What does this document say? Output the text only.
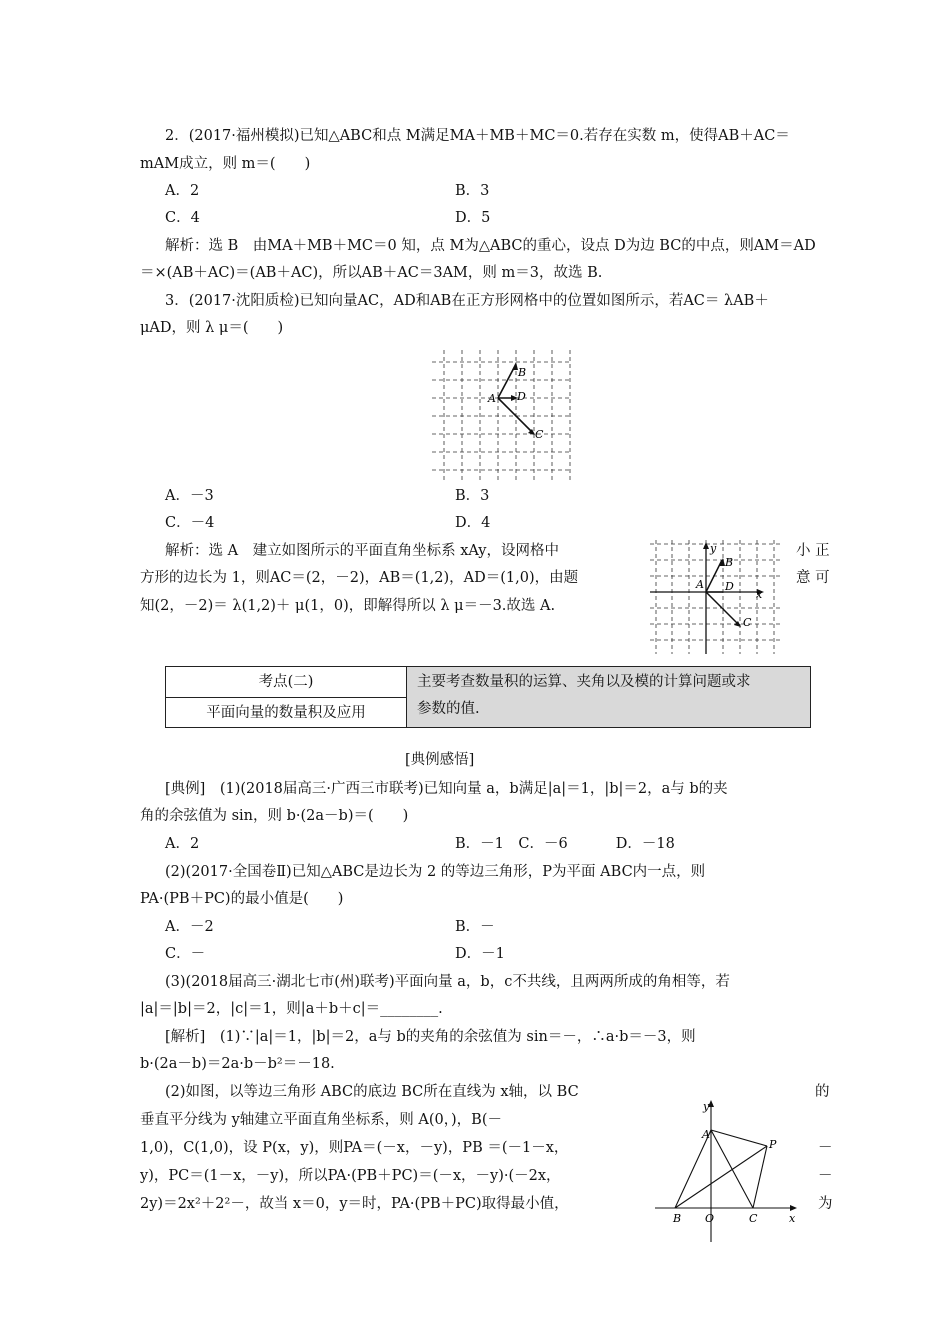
2．(2017·福州模拟)已知△ABC和点 M满足MA＋MB＋MC＝0.若存在实数 m，使得AB＋AC＝
mAM成立，则 m＝(　　)
A．2	B．3
C．4	D．5
解析：选 B　由MA＋MB＋MC＝0 知，点 M为△ABC的重心，设点 D为边 BC的中点，则AM＝AD
＝×(AB＋AC)＝(AB＋AC)，所以AB＋AC＝3AM，则 m＝3，故选 B.
3．(2017·沈阳质检)已知向量AC，AD和AB在正方形网格中的位置如图所示，若AC＝ λAB＋
μAD，则 λ μ＝(　　)
A
B
D
C
A．－3	B．3
C．－4	D．4
解析：选 A　建立如图所示的平面直角坐标系 xAy，设网格中	小 正
方形的边长为 1，则AC＝(2，－2)，AB＝(1,2)，AD＝(1,0)，由题	意 可
知(2，－2)＝ λ(1,2)＋ μ(1，0)，即解得所以 λ μ＝－3.故选 A.
y
A
B
D
x
C
考点(二)
平面向量的数量积及应用
主要考查数量积的运算、夹角以及模的计算问题或求
参数的值.
[典例感悟]
[典例]　(1)(2018届高三·广西三市联考)已知向量 a，b满足|a|＝1，|b|＝2，a与 b的夹
角的余弦值为 sin，则 b·(2a－b)＝(　　)
A．2	B．－1　C．－6　　　 D．－18
(2)(2017·全国卷Ⅱ)已知△ABC是边长为 2 的等边三角形，P为平面 ABC内一点，则
PA·(PB＋PC)的最小值是(　　)
A．－2	B．－
C．－	D．－1
(3)(2018届高三·湖北七市(州)联考)平面向量 a，b，c不共线，且两两所成的角相等，若
|a|＝|b|＝2，|c|＝1，则|a＋b＋c|＝________.
[解析]　(1)∵|a|＝1，|b|＝2，a与 b的夹角的余弦值为 sin＝－，∴a·b＝－3，则
b·(2a－b)＝2a·b－b²＝－18.
(2)如图，以等边三角形 ABC的底边 BC所在直线为 x轴，以 BC	的
垂直平分线为 y轴建立平面直角坐标系，则 A(0，)，B(－
1,0)，C(1,0)，设 P(x，y)，则PA＝(－x，－y)，PB ＝(－1－x，	－
y)，PC＝(1－x，－y)，所以PA·(PB＋PC)＝(－x，－y)·(－2x，	－
2y)＝2x²＋2²－，故当 x＝0，y＝时，PA·(PB＋PC)取得最小值，	为
y
A
P
B O	C	x
